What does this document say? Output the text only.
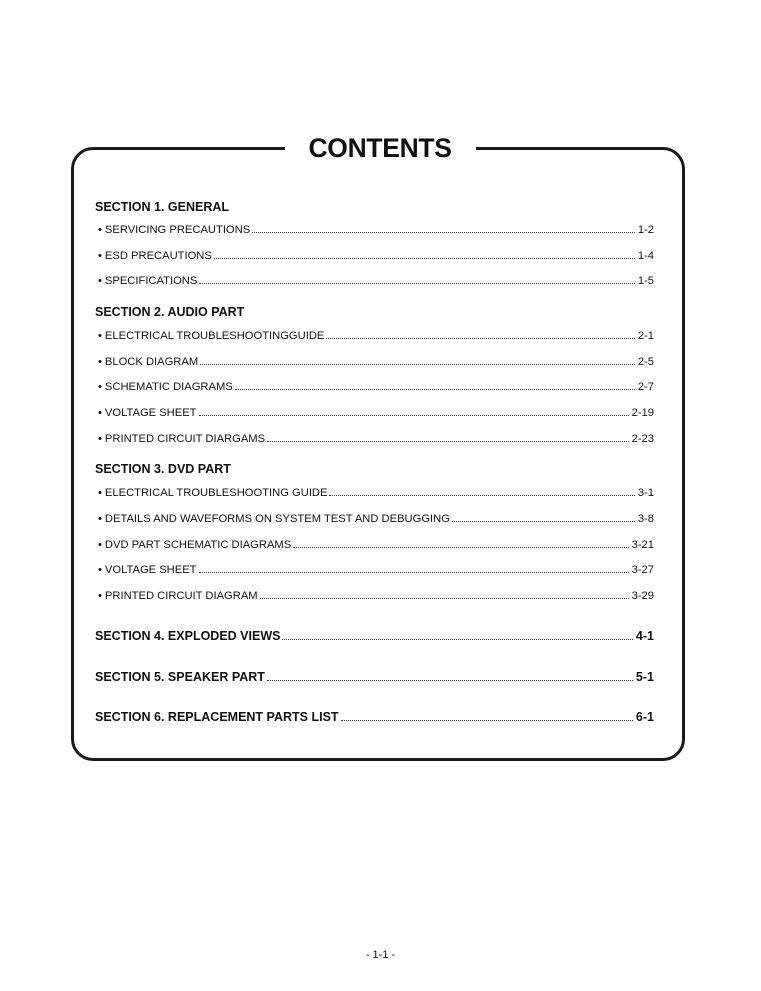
CONTENTS
SECTION 1. GENERAL
• SERVICING PRECAUTIONS	1-2
• ESD PRECAUTIONS	1-4
• SPECIFICATIONS	1-5
SECTION 2. AUDIO PART
• ELECTRICAL TROUBLESHOOTINGGUIDE	2-1
• BLOCK DIAGRAM	2-5
• SCHEMATIC DIAGRAMS	2-7
• VOLTAGE SHEET	2-19
• PRINTED CIRCUIT DIARGAMS	2-23
SECTION 3. DVD PART
• ELECTRICAL TROUBLESHOOTING GUIDE	3-1
• DETAILS AND WAVEFORMS ON SYSTEM TEST AND DEBUGGING	3-8
• DVD PART SCHEMATIC DIAGRAMS	3-21
• VOLTAGE SHEET	3-27
• PRINTED CIRCUIT DIAGRAM	3-29
SECTION 4. EXPLODED VIEWS	4-1
SECTION 5. SPEAKER PART	5-1
SECTION 6. REPLACEMENT PARTS LIST	6-1
- 1-1 -
